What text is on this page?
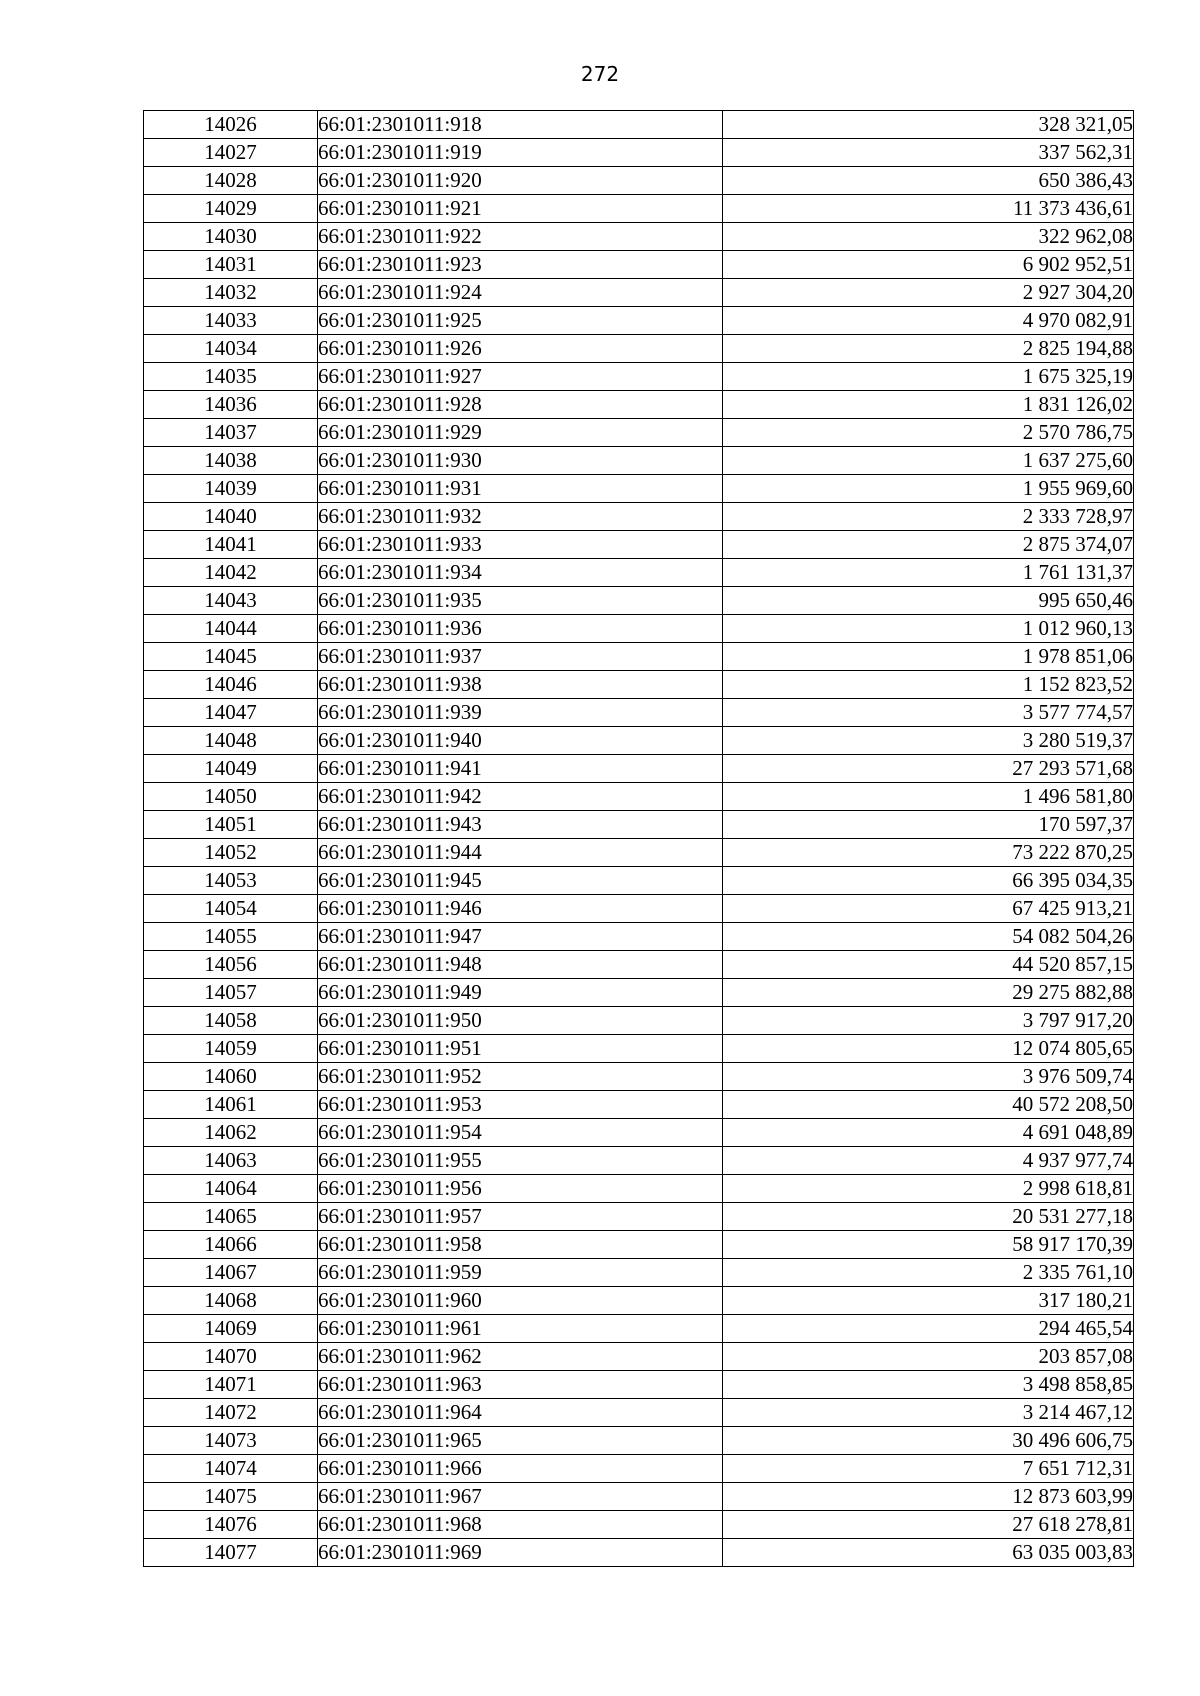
272
14026	66:01:2301011:918	328 321,05
14027	66:01:2301011:919	337 562,31
14028	66:01:2301011:920	650 386,43
14029	66:01:2301011:921	11 373 436,61
14030	66:01:2301011:922	322 962,08
14031	66:01:2301011:923	6 902 952,51
14032	66:01:2301011:924	2 927 304,20
14033	66:01:2301011:925	4 970 082,91
14034	66:01:2301011:926	2 825 194,88
14035	66:01:2301011:927	1 675 325,19
14036	66:01:2301011:928	1 831 126,02
14037	66:01:2301011:929	2 570 786,75
14038	66:01:2301011:930	1 637 275,60
14039	66:01:2301011:931	1 955 969,60
14040	66:01:2301011:932	2 333 728,97
14041	66:01:2301011:933	2 875 374,07
14042	66:01:2301011:934	1 761 131,37
14043	66:01:2301011:935	995 650,46
14044	66:01:2301011:936	1 012 960,13
14045	66:01:2301011:937	1 978 851,06
14046	66:01:2301011:938	1 152 823,52
14047	66:01:2301011:939	3 577 774,57
14048	66:01:2301011:940	3 280 519,37
14049	66:01:2301011:941	27 293 571,68
14050	66:01:2301011:942	1 496 581,80
14051	66:01:2301011:943	170 597,37
14052	66:01:2301011:944	73 222 870,25
14053	66:01:2301011:945	66 395 034,35
14054	66:01:2301011:946	67 425 913,21
14055	66:01:2301011:947	54 082 504,26
14056	66:01:2301011:948	44 520 857,15
14057	66:01:2301011:949	29 275 882,88
14058	66:01:2301011:950	3 797 917,20
14059	66:01:2301011:951	12 074 805,65
14060	66:01:2301011:952	3 976 509,74
14061	66:01:2301011:953	40 572 208,50
14062	66:01:2301011:954	4 691 048,89
14063	66:01:2301011:955	4 937 977,74
14064	66:01:2301011:956	2 998 618,81
14065	66:01:2301011:957	20 531 277,18
14066	66:01:2301011:958	58 917 170,39
14067	66:01:2301011:959	2 335 761,10
14068	66:01:2301011:960	317 180,21
14069	66:01:2301011:961	294 465,54
14070	66:01:2301011:962	203 857,08
14071	66:01:2301011:963	3 498 858,85
14072	66:01:2301011:964	3 214 467,12
14073	66:01:2301011:965	30 496 606,75
14074	66:01:2301011:966	7 651 712,31
14075	66:01:2301011:967	12 873 603,99
14076	66:01:2301011:968	27 618 278,81
14077	66:01:2301011:969	63 035 003,83
